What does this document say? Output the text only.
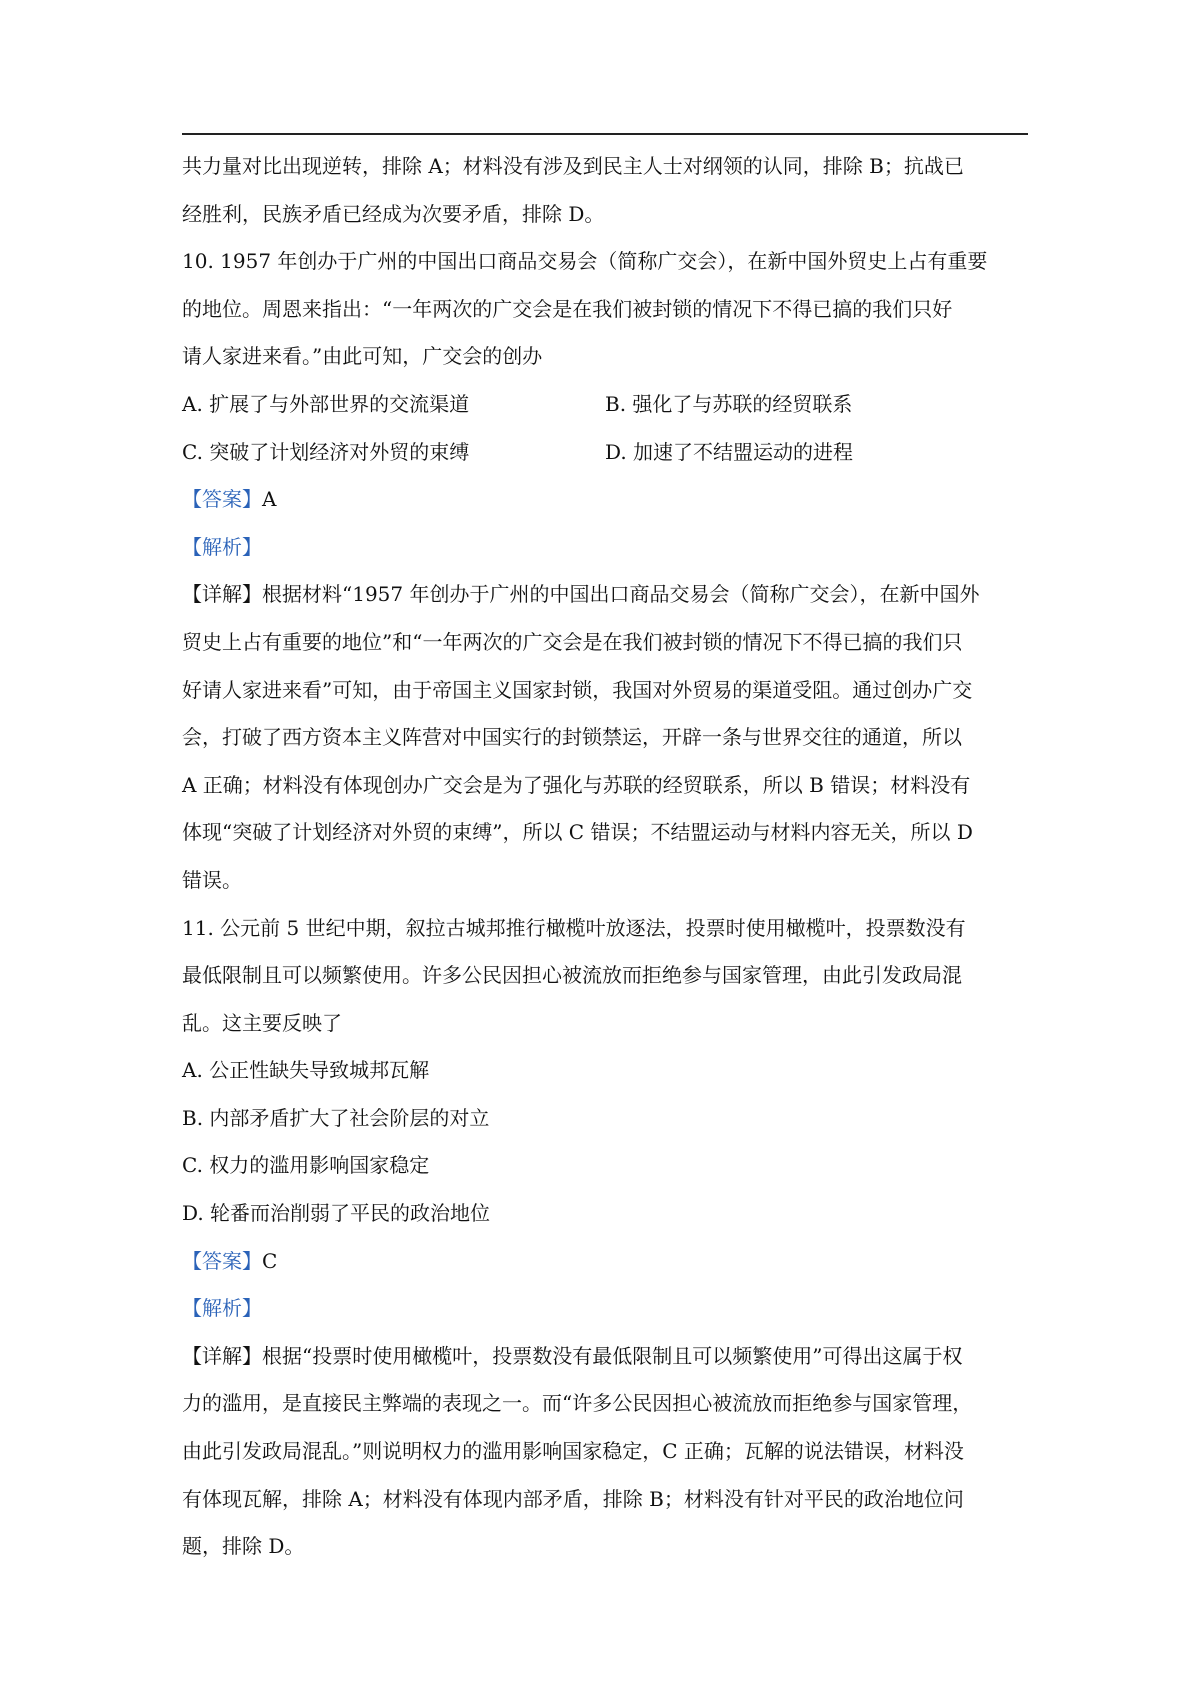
共力量对比出现逆转，排除 A；材料没有涉及到民主人士对纲领的认同，排除 B；抗战已
经胜利，民族矛盾已经成为次要矛盾，排除 D。
10. 1957 年创办于广州的中国出口商品交易会（简称广交会），在新中国外贸史上占有重要
的地位。周恩来指出：“一年两次的广交会是在我们被封锁的情况下不得已搞的我们只好
请人家进来看。”由此可知，广交会的创办
A. 扩展了与外部世界的交流渠道	B. 强化了与苏联的经贸联系
C. 突破了计划经济对外贸的束缚	D. 加速了不结盟运动的进程
【答案】A
【解析】
【详解】根据材料“1957 年创办于广州的中国出口商品交易会（简称广交会），在新中国外
贸史上占有重要的地位”和“一年两次的广交会是在我们被封锁的情况下不得已搞的我们只
好请人家进来看”可知，由于帝国主义国家封锁，我国对外贸易的渠道受阻。通过创办广交
会，打破了西方资本主义阵营对中国实行的封锁禁运，开辟一条与世界交往的通道，所以
A 正确；材料没有体现创办广交会是为了强化与苏联的经贸联系，所以 B 错误；材料没有
体现“突破了计划经济对外贸的束缚”，所以 C 错误；不结盟运动与材料内容无关，所以 D
错误。
11. 公元前 5 世纪中期，叙拉古城邦推行橄榄叶放逐法，投票时使用橄榄叶，投票数没有
最低限制且可以频繁使用。许多公民因担心被流放而拒绝参与国家管理，由此引发政局混
乱。这主要反映了
A. 公正性缺失导致城邦瓦解
B. 内部矛盾扩大了社会阶层的对立
C. 权力的滥用影响国家稳定
D. 轮番而治削弱了平民的政治地位
【答案】C
【解析】
【详解】根据“投票时使用橄榄叶，投票数没有最低限制且可以频繁使用”可得出这属于权
力的滥用，是直接民主弊端的表现之一。而“许多公民因担心被流放而拒绝参与国家管理，
由此引发政局混乱。”则说明权力的滥用影响国家稳定，C 正确；瓦解的说法错误，材料没
有体现瓦解，排除 A；材料没有体现内部矛盾，排除 B；材料没有针对平民的政治地位问
题，排除 D。
